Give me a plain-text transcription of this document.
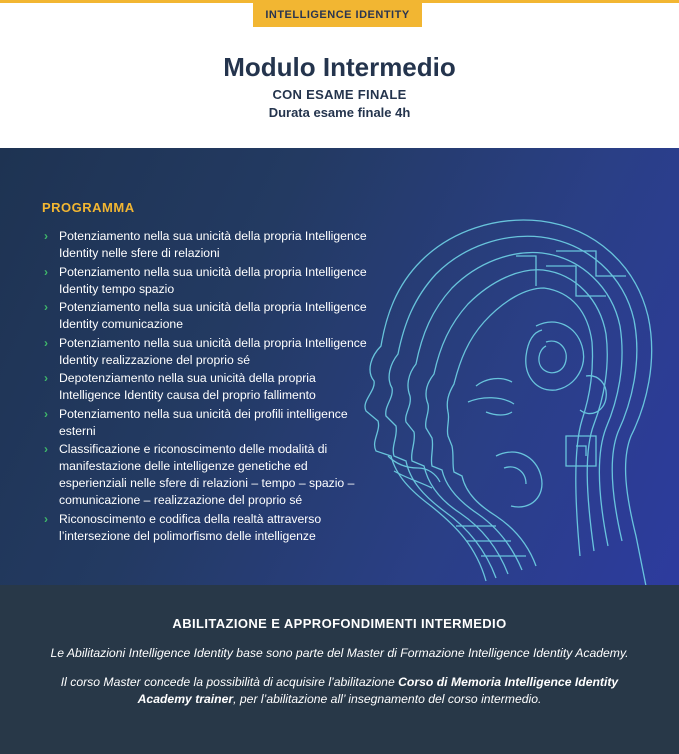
INTELLIGENCE IDENTITY
Modulo Intermedio
CON ESAME FINALE
Durata esame finale 4h
PROGRAMMA
› Potenziamento nella sua unicità della propria Intelligence Identity nelle sfere di relazioni
› Potenziamento nella sua unicità della propria Intelligence Identity tempo spazio
› Potenziamento nella sua unicità della propria Intelligence Identity comunicazione
› Potenziamento nella sua unicità della propria Intelligence Identity realizzazione del proprio sé
› Depotenziamento nella sua unicità della propria Intelligence Identity causa del proprio fallimento
› Potenziamento nella sua unicità dei profili intelligence esterni
› Classificazione e riconoscimento delle modalità di manifestazione delle intelligenze genetiche ed esperienziali nelle sfere di relazioni – tempo – spazio – comunicazione – realizzazione del proprio sé
› Riconoscimento e codifica della realtà attraverso l’intersezione del polimorfismo delle intelligenze
ABILITAZIONE E APPROFONDIMENTI INTERMEDIO

Le Abilitazioni Intelligence Identity base sono parte del Master di Formazione Intelligence Identity Academy.

Il corso Master concede la possibilità di acquisire l’abilitazione Corso di Memoria Intelligence Identity Academy trainer, per l’abilitazione all’ insegnamento del corso intermedio.
